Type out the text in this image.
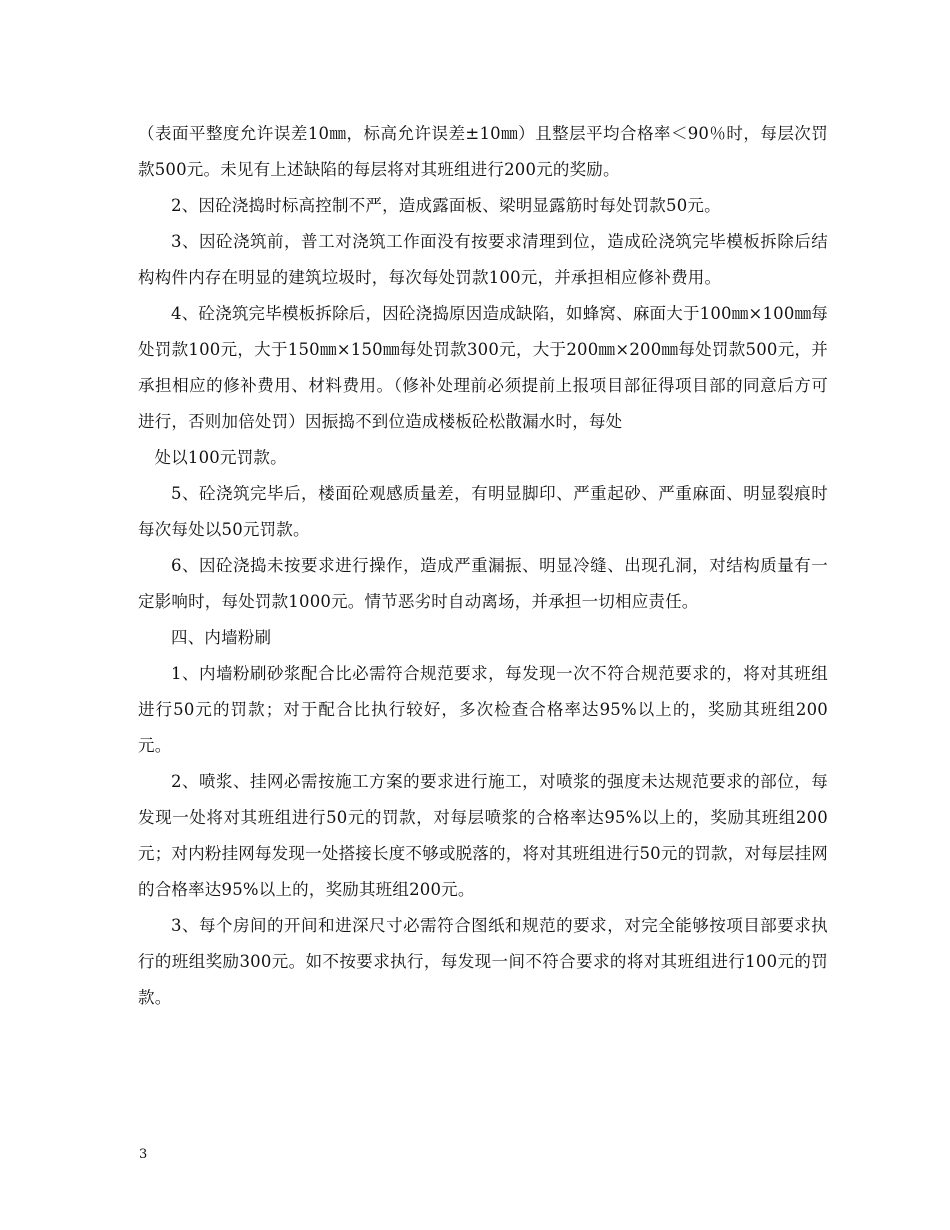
（表面平整度允许误差10㎜，标高允许误差±10㎜）且整层平均合格率＜90％时，每层次罚款500元。未见有上述缺陷的每层将对其班组进行200元的奖励。

2、因砼浇捣时标高控制不严，造成露面板、梁明显露筋时每处罚款50元。

3、因砼浇筑前，普工对浇筑工作面没有按要求清理到位，造成砼浇筑完毕模板拆除后结构构件内存在明显的建筑垃圾时，每次每处罚款100元，并承担相应修补费用。

4、砼浇筑完毕模板拆除后，因砼浇捣原因造成缺陷，如蜂窝、麻面大于100㎜×100㎜每处罚款100元，大于150㎜×150㎜每处罚款300元，大于200㎜×200㎜每处罚款500元，并承担相应的修补费用、材料费用。（修补处理前必须提前上报项目部征得项目部的同意后方可进行，否则加倍处罚）因振捣不到位造成楼板砼松散漏水时，每处

处以100元罚款。

5、砼浇筑完毕后，楼面砼观感质量差，有明显脚印、严重起砂、严重麻面、明显裂痕时每次每处以50元罚款。

6、因砼浇捣未按要求进行操作，造成严重漏振、明显冷缝、出现孔洞，对结构质量有一定影响时，每处罚款1000元。情节恶劣时自动离场，并承担一切相应责任。

四、内墙粉刷

1、内墙粉刷砂浆配合比必需符合规范要求，每发现一次不符合规范要求的，将对其班组进行50元的罚款；对于配合比执行较好，多次检查合格率达95%以上的，奖励其班组200元。

2、喷浆、挂网必需按施工方案的要求进行施工，对喷浆的强度未达规范要求的部位，每发现一处将对其班组进行50元的罚款，对每层喷浆的合格率达95%以上的，奖励其班组200元；对内粉挂网每发现一处搭接长度不够或脱落的，将对其班组进行50元的罚款，对每层挂网的合格率达95%以上的，奖励其班组200元。

3、每个房间的开间和进深尺寸必需符合图纸和规范的要求，对完全能够按项目部要求执行的班组奖励300元。如不按要求执行，每发现一间不符合要求的将对其班组进行100元的罚款。

3
